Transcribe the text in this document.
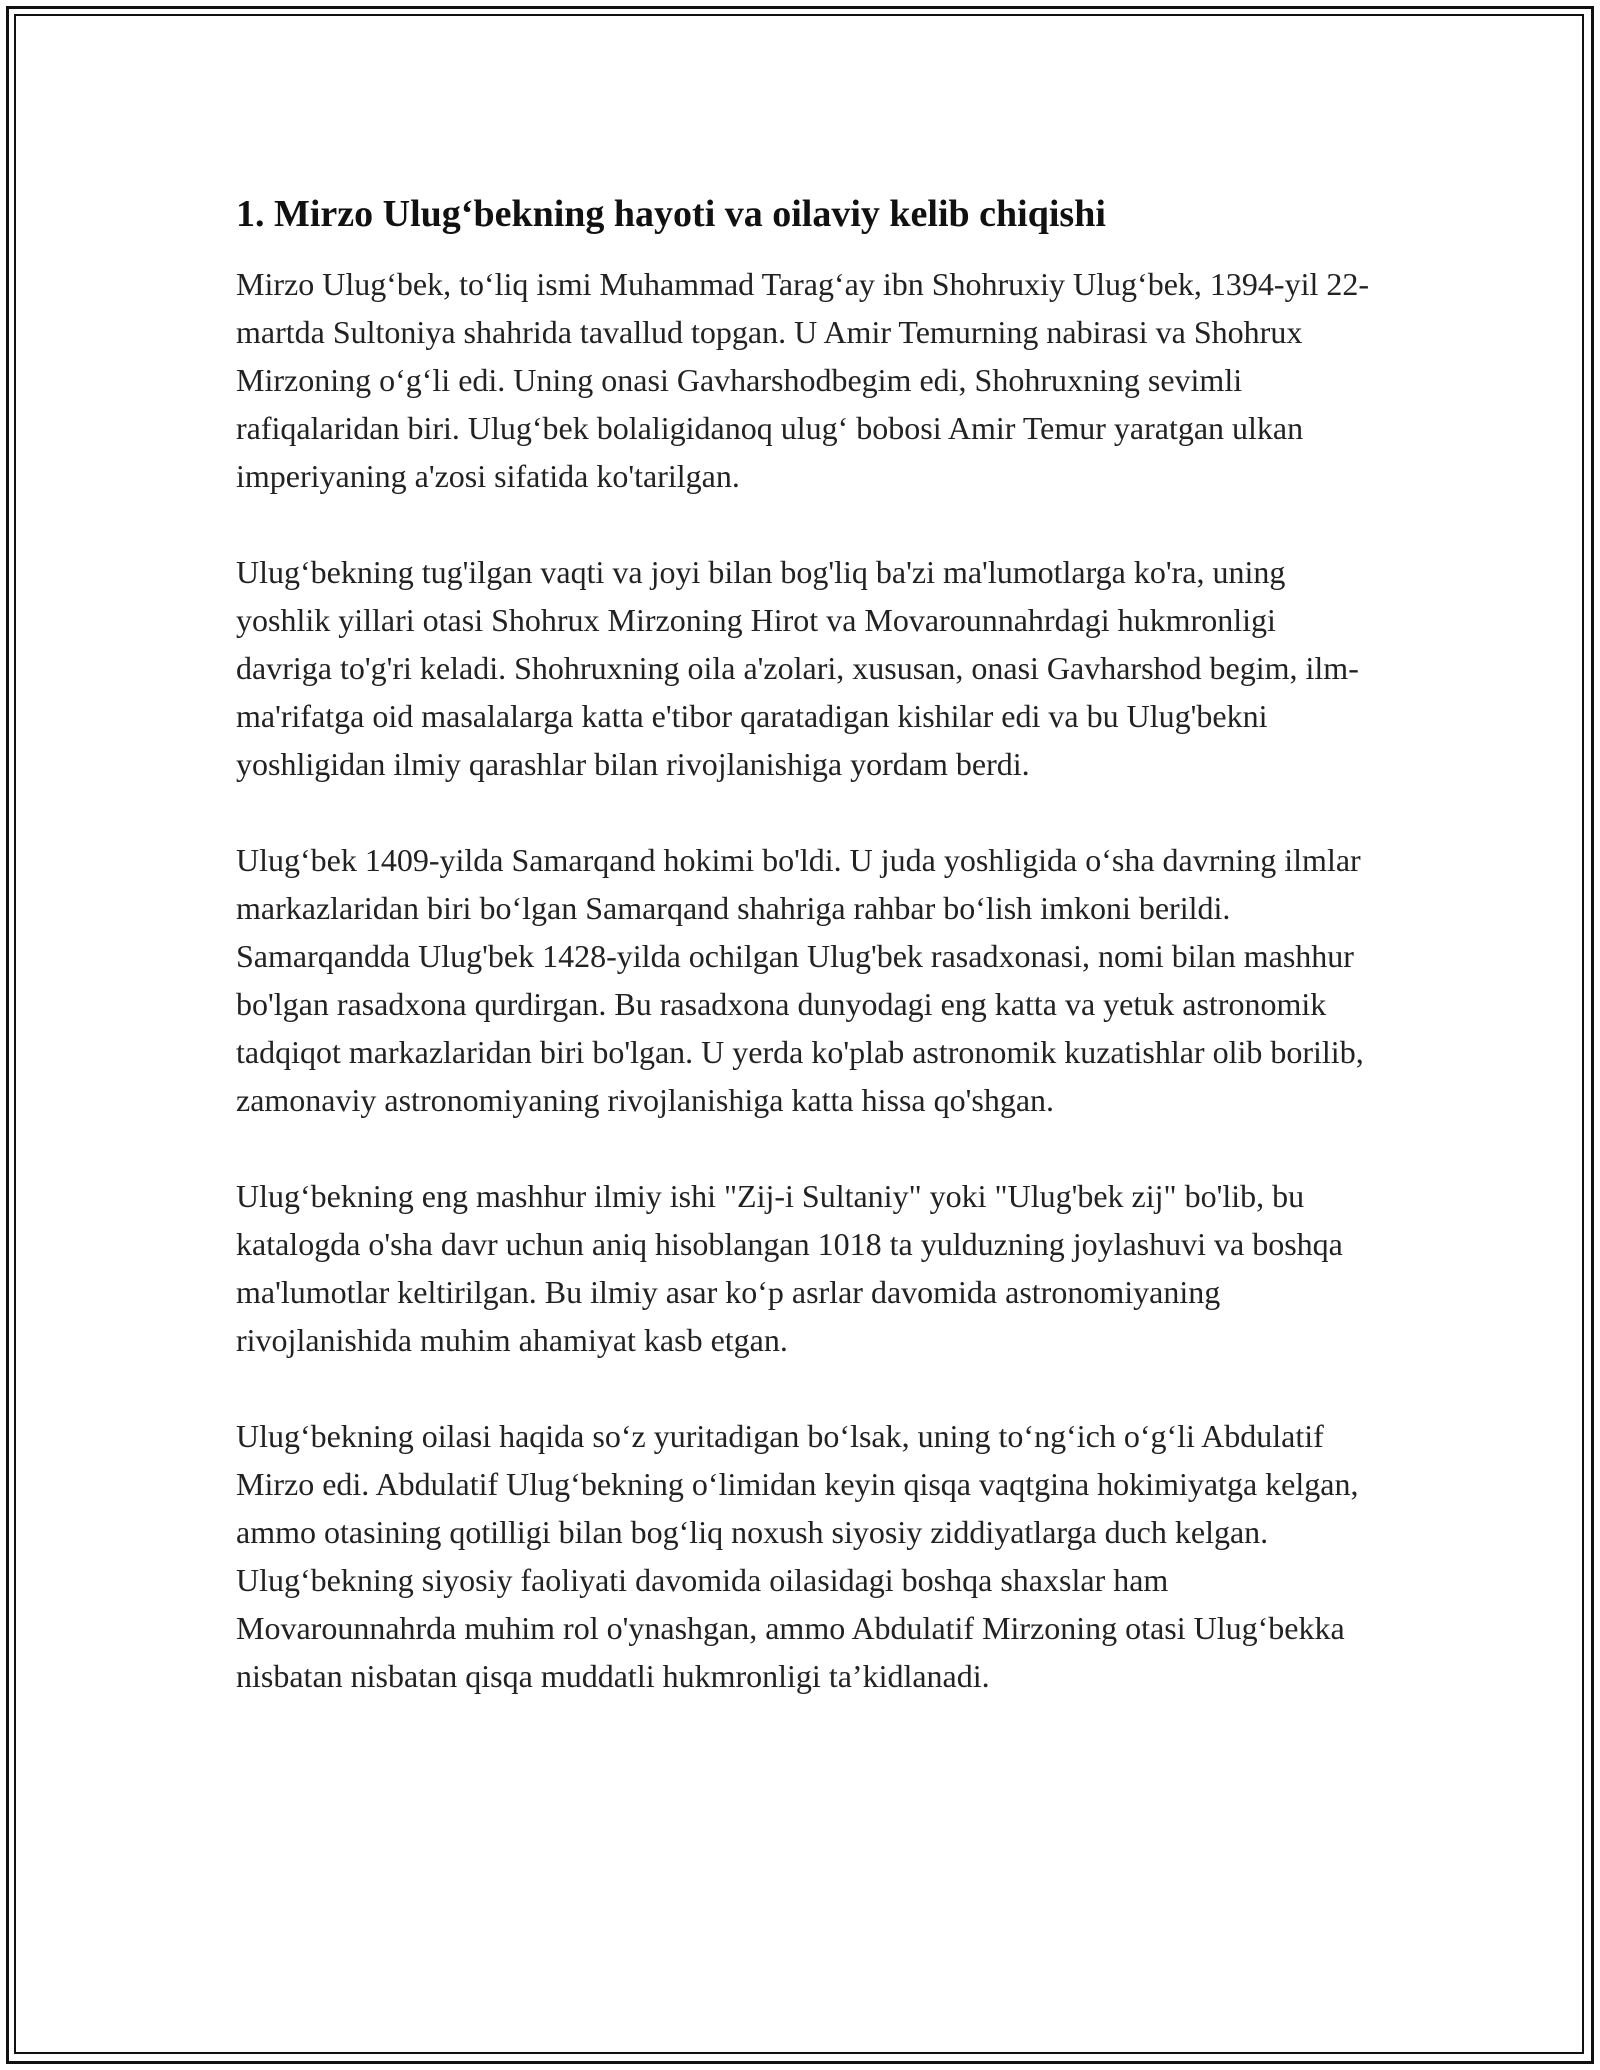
1. Mirzo Ulug‘bekning hayoti va oilaviy kelib chiqishi

Mirzo Ulug‘bek, to‘liq ismi Muhammad Tarag‘ay ibn Shohruxiy Ulug‘bek, 1394-yil 22-martda Sultoniya shahrida tavallud topgan. U Amir Temurning nabirasi va Shohrux Mirzoning o‘g‘li edi. Uning onasi Gavharshodbegim edi, Shohruxning sevimli rafiqalaridan biri. Ulug‘bek bolaligidanoq ulug‘ bobosi Amir Temur yaratgan ulkan imperiyaning a'zosi sifatida ko'tarilgan.

Ulug‘bekning tug'ilgan vaqti va joyi bilan bog'liq ba'zi ma'lumotlarga ko'ra, uning yoshlik yillari otasi Shohrux Mirzoning Hirot va Movarounnahrdagi hukmronligi davriga to'g'ri keladi. Shohruxning oila a'zolari, xususan, onasi Gavharshod begim, ilm-ma'rifatga oid masalalarga katta e'tibor qaratadigan kishilar edi va bu Ulug'bekni yoshligidan ilmiy qarashlar bilan rivojlanishiga yordam berdi.

Ulug‘bek 1409-yilda Samarqand hokimi bo'ldi. U juda yoshligida o‘sha davrning ilmlar markazlaridan biri bo‘lgan Samarqand shahriga rahbar bo‘lish imkoni berildi. Samarqandda Ulug'bek 1428-yilda ochilgan Ulug'bek rasadxonasi, nomi bilan mashhur bo'lgan rasadxona qurdirgan. Bu rasadxona dunyodagi eng katta va yetuk astronomik tadqiqot markazlaridan biri bo'lgan. U yerda ko'plab astronomik kuzatishlar olib borilib, zamonaviy astronomiyaning rivojlanishiga katta hissa qo'shgan.

Ulug‘bekning eng mashhur ilmiy ishi "Zij-i Sultaniy" yoki "Ulug'bek zij" bo'lib, bu katalogda o'sha davr uchun aniq hisoblangan 1018 ta yulduzning joylashuvi va boshqa ma'lumotlar keltirilgan. Bu ilmiy asar ko‘p asrlar davomida astronomiyaning rivojlanishida muhim ahamiyat kasb etgan.

Ulug‘bekning oilasi haqida so‘z yuritadigan bo‘lsak, uning to‘ng‘ich o‘g‘li Abdulatif Mirzo edi. Abdulatif Ulug‘bekning o‘limidan keyin qisqa vaqtgina hokimiyatga kelgan, ammo otasining qotilligi bilan bog‘liq noxush siyosiy ziddiyatlarga duch kelgan. Ulug‘bekning siyosiy faoliyati davomida oilasidagi boshqa shaxslar ham Movarounnahrda muhim rol o'ynashgan, ammo Abdulatif Mirzoning otasi Ulug‘bekka nisbatan nisbatan qisqa muddatli hukmronligi ta’kidlanadi.
